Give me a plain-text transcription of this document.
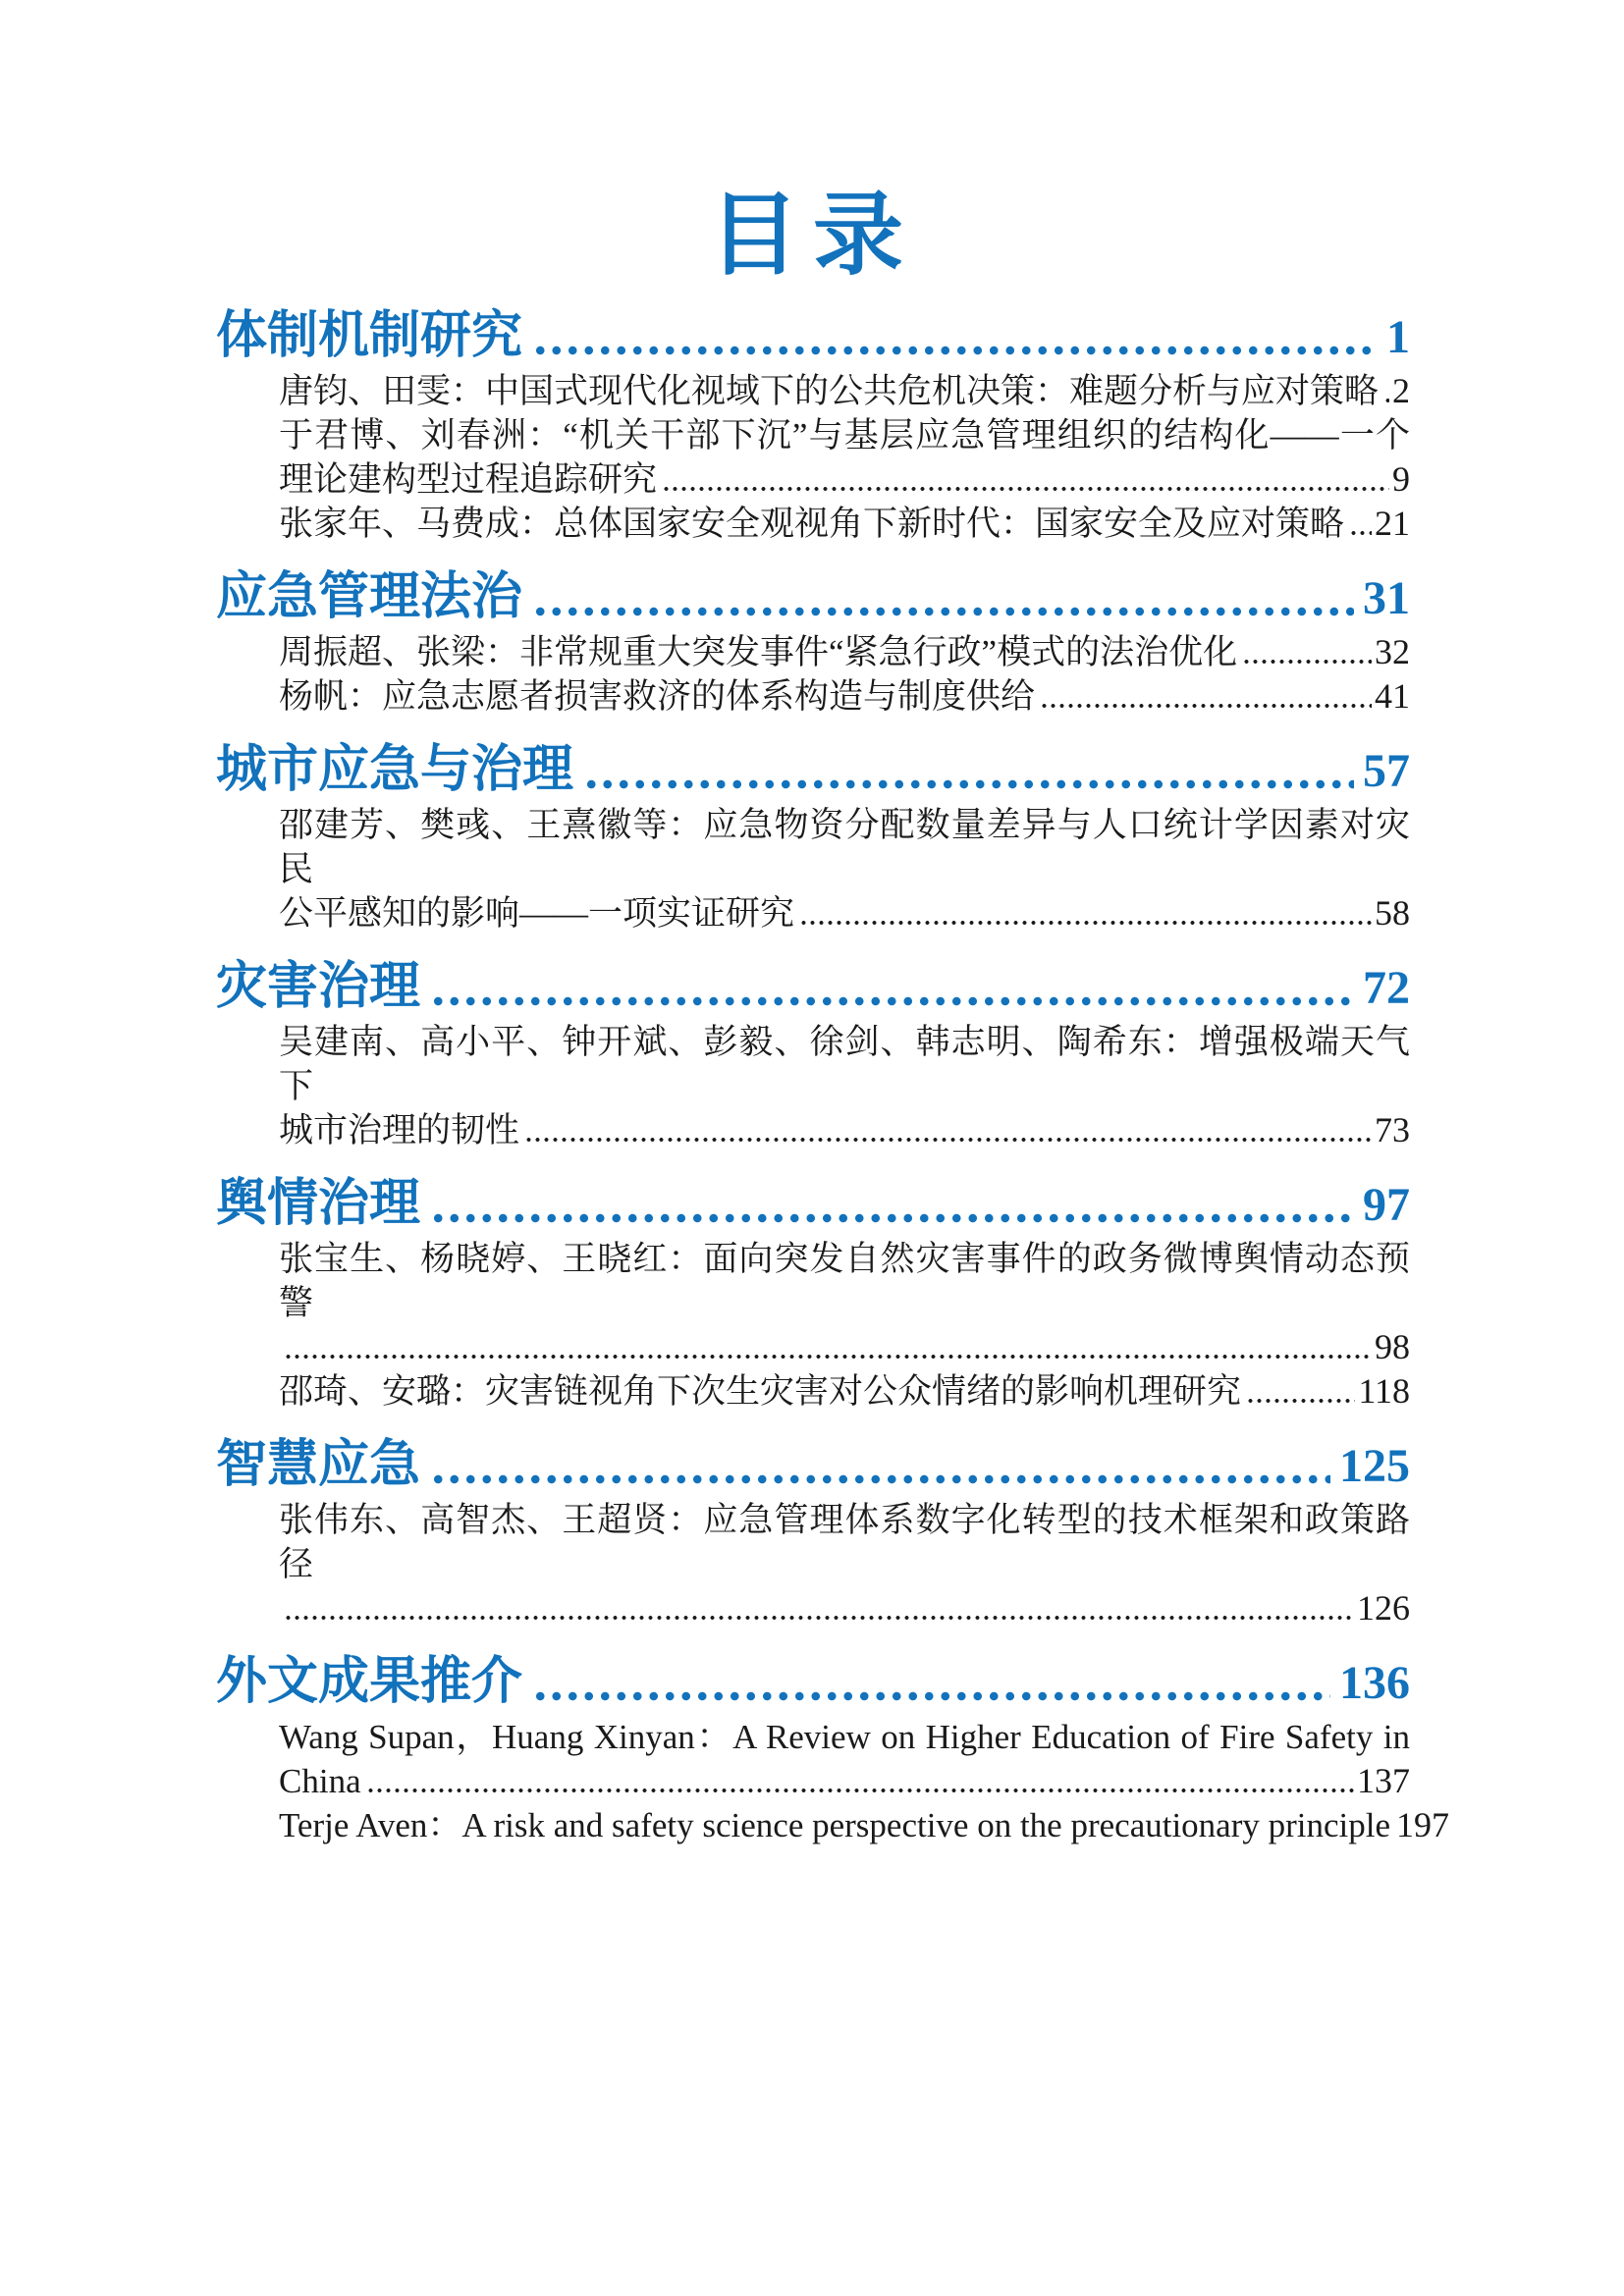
目录
体制机制研究	1
唐钧、田雯：中国式现代化视域下的公共危机决策：难题分析与应对策略 2
于君博、刘春洲：“机关干部下沉”与基层应急管理组织的结构化——一个
理论建构型过程追踪研究	9
张家年、马费成：总体国家安全观视角下新时代：国家安全及应对策略 21
应急管理法治	31
周振超、张梁：非常规重大突发事件“紧急行政”模式的法治优化	32
杨帆：应急志愿者损害救济的体系构造与制度供给	41
城市应急与治理	57
邵建芳、樊彧、王熹徽等：应急物资分配数量差异与人口统计学因素对灾民
公平感知的影响——一项实证研究	58
灾害治理	72
吴建南、高小平、钟开斌、彭毅、徐剑、韩志明、陶希东：增强极端天气下
城市治理的韧性	73
舆情治理	97
张宝生、杨晓婷、王晓红：面向突发自然灾害事件的政务微博舆情动态预警
98
邵琦、安璐：灾害链视角下次生灾害对公众情绪的影响机理研究	118
智慧应急	125
张伟东、高智杰、王超贤：应急管理体系数字化转型的技术框架和政策路径
126
外文成果推介	136
Wang Supan，Huang Xinyan：A Review on Higher Education of Fire Safety in
China	137
Terje Aven：A risk and safety science perspective on the precautionary principle 197
